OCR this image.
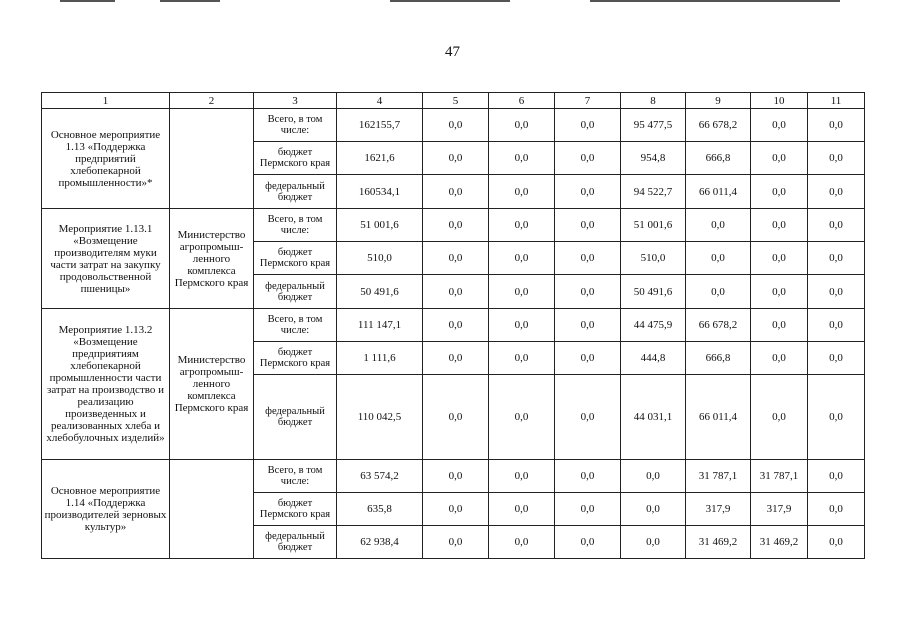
47
1	2	3	4	5	6	7	8	9	10	11
Основное мероприятие 1.13 «Поддержка предприятий хлебопекарной промышленности»*		Всего, в том числе:	162155,7	0,0	0,0	0,0	95 477,5	66 678,2	0,0	0,0
		бюджет Пермского края	1621,6	0,0	0,0	0,0	954,8	666,8	0,0	0,0
		федеральный бюджет	160534,1	0,0	0,0	0,0	94 522,7	66 011,4	0,0	0,0
Мероприятие 1.13.1 «Возмещение производителям муки части затрат на закупку продовольственной пшеницы»	Министерство агропромыш-ленного комплекса Пермского края	Всего, в том числе:	51 001,6	0,0	0,0	0,0	51 001,6	0,0	0,0	0,0
		бюджет Пермского края	510,0	0,0	0,0	0,0	510,0	0,0	0,0	0,0
		федеральный бюджет	50 491,6	0,0	0,0	0,0	50 491,6	0,0	0,0	0,0
Мероприятие 1.13.2 «Возмещение предприятиям хлебопекарной промышленности части затрат на производство и реализацию произведенных и реализованных хлеба и хлебобулочных изделий»	Министерство агропромыш-ленного комплекса Пермского края	Всего, в том числе:	111 147,1	0,0	0,0	0,0	44 475,9	66 678,2	0,0	0,0
		бюджет Пермского края	1 111,6	0,0	0,0	0,0	444,8	666,8	0,0	0,0
		федеральный бюджет	110 042,5	0,0	0,0	0,0	44 031,1	66 011,4	0,0	0,0
Основное мероприятие 1.14 «Поддержка производителей зерновых культур»		Всего, в том числе:	63 574,2	0,0	0,0	0,0	0,0	31 787,1	31 787,1	0,0
		бюджет Пермского края	635,8	0,0	0,0	0,0	0,0	317,9	317,9	0,0
		федеральный бюджет	62 938,4	0,0	0,0	0,0	0,0	31 469,2	31 469,2	0,0
